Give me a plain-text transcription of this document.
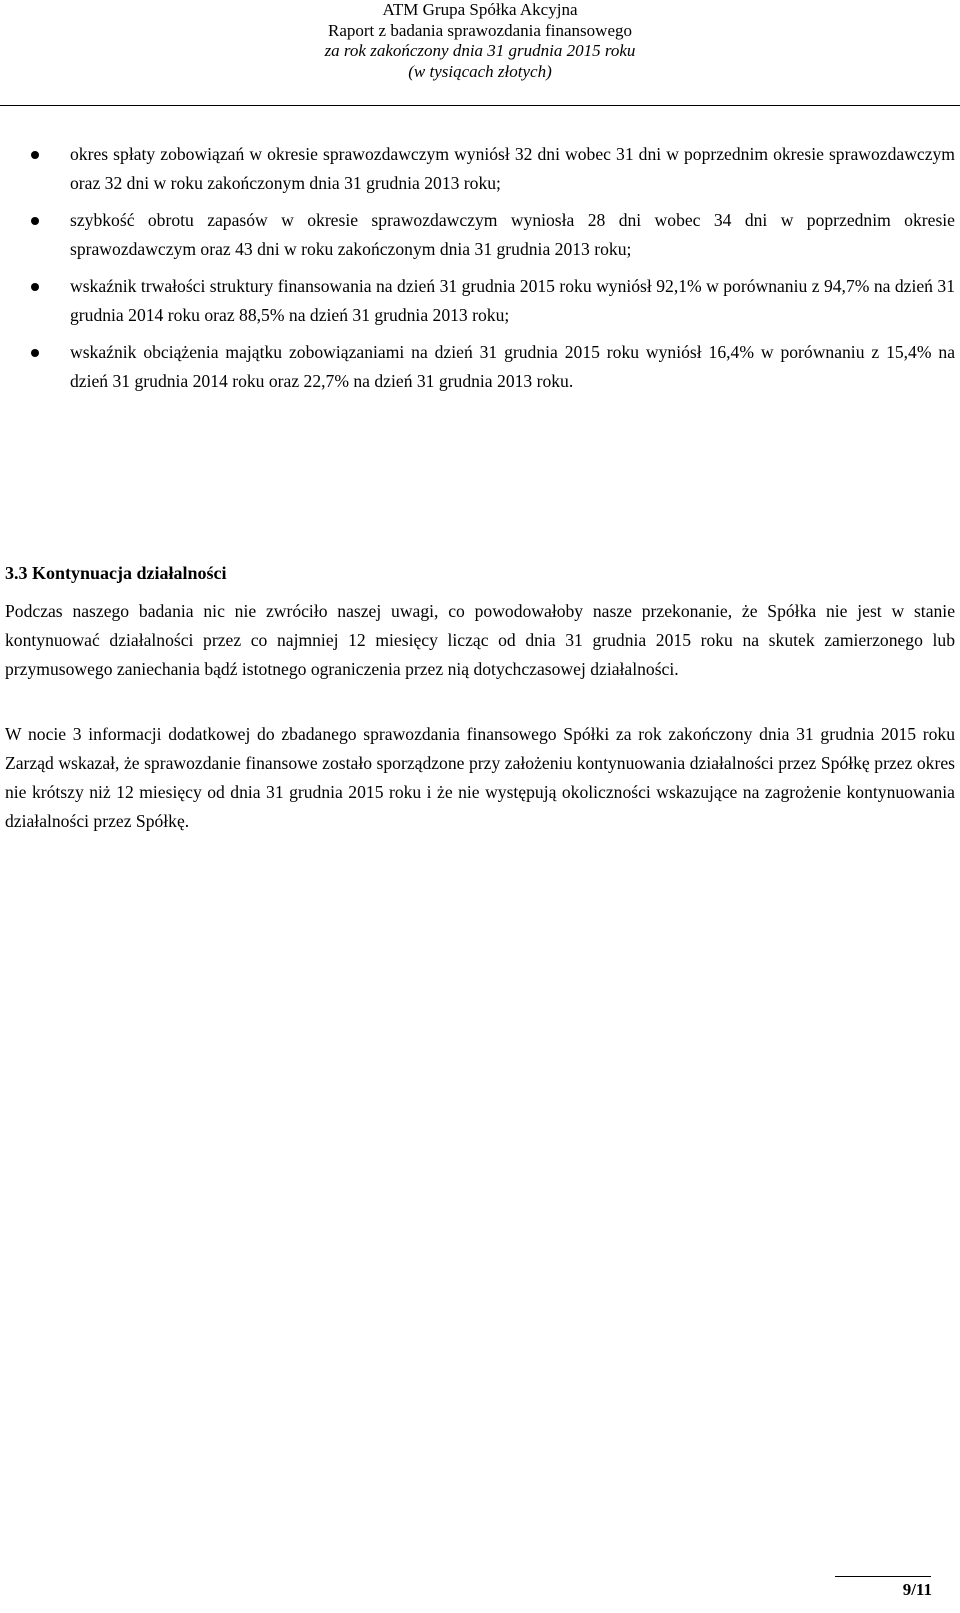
ATM Grupa Spółka Akcyjna
Raport z badania sprawozdania finansowego
za rok zakończony dnia 31 grudnia 2015 roku
(w tysiącach złotych)
okres spłaty zobowiązań w okresie sprawozdawczym wyniósł 32 dni wobec 31 dni w poprzednim okresie sprawozdawczym oraz 32 dni w roku zakończonym dnia 31 grudnia 2013 roku;
szybkość obrotu zapasów w okresie sprawozdawczym wyniosła 28 dni wobec 34 dni w poprzednim okresie sprawozdawczym oraz 43 dni w roku zakończonym dnia 31 grudnia 2013 roku;
wskaźnik trwałości struktury finansowania na dzień 31 grudnia 2015 roku wyniósł 92,1% w porównaniu z 94,7% na dzień 31 grudnia 2014 roku oraz 88,5% na dzień 31 grudnia 2013 roku;
wskaźnik obciążenia majątku zobowiązaniami na dzień 31 grudnia 2015 roku wyniósł 16,4% w porównaniu z 15,4% na dzień 31 grudnia 2014 roku oraz 22,7% na dzień 31 grudnia 2013 roku.
3.3 Kontynuacja działalności

Podczas naszego badania nic nie zwróciło naszej uwagi, co powodowałoby nasze przekonanie, że Spółka nie jest w stanie kontynuować działalności przez co najmniej 12 miesięcy licząc od dnia 31 grudnia 2015 roku na skutek zamierzonego lub przymusowego zaniechania bądź istotnego ograniczenia przez nią dotychczasowej działalności.

W nocie 3 informacji dodatkowej do zbadanego sprawozdania finansowego Spółki za rok zakończony dnia 31 grudnia 2015 roku Zarząd wskazał, że sprawozdanie finansowe zostało sporządzone przy założeniu kontynuowania działalności przez Spółkę przez okres nie krótszy niż 12 miesięcy od dnia 31 grudnia 2015 roku i że nie występują okoliczności wskazujące na zagrożenie kontynuowania działalności przez Spółkę.

9/11
